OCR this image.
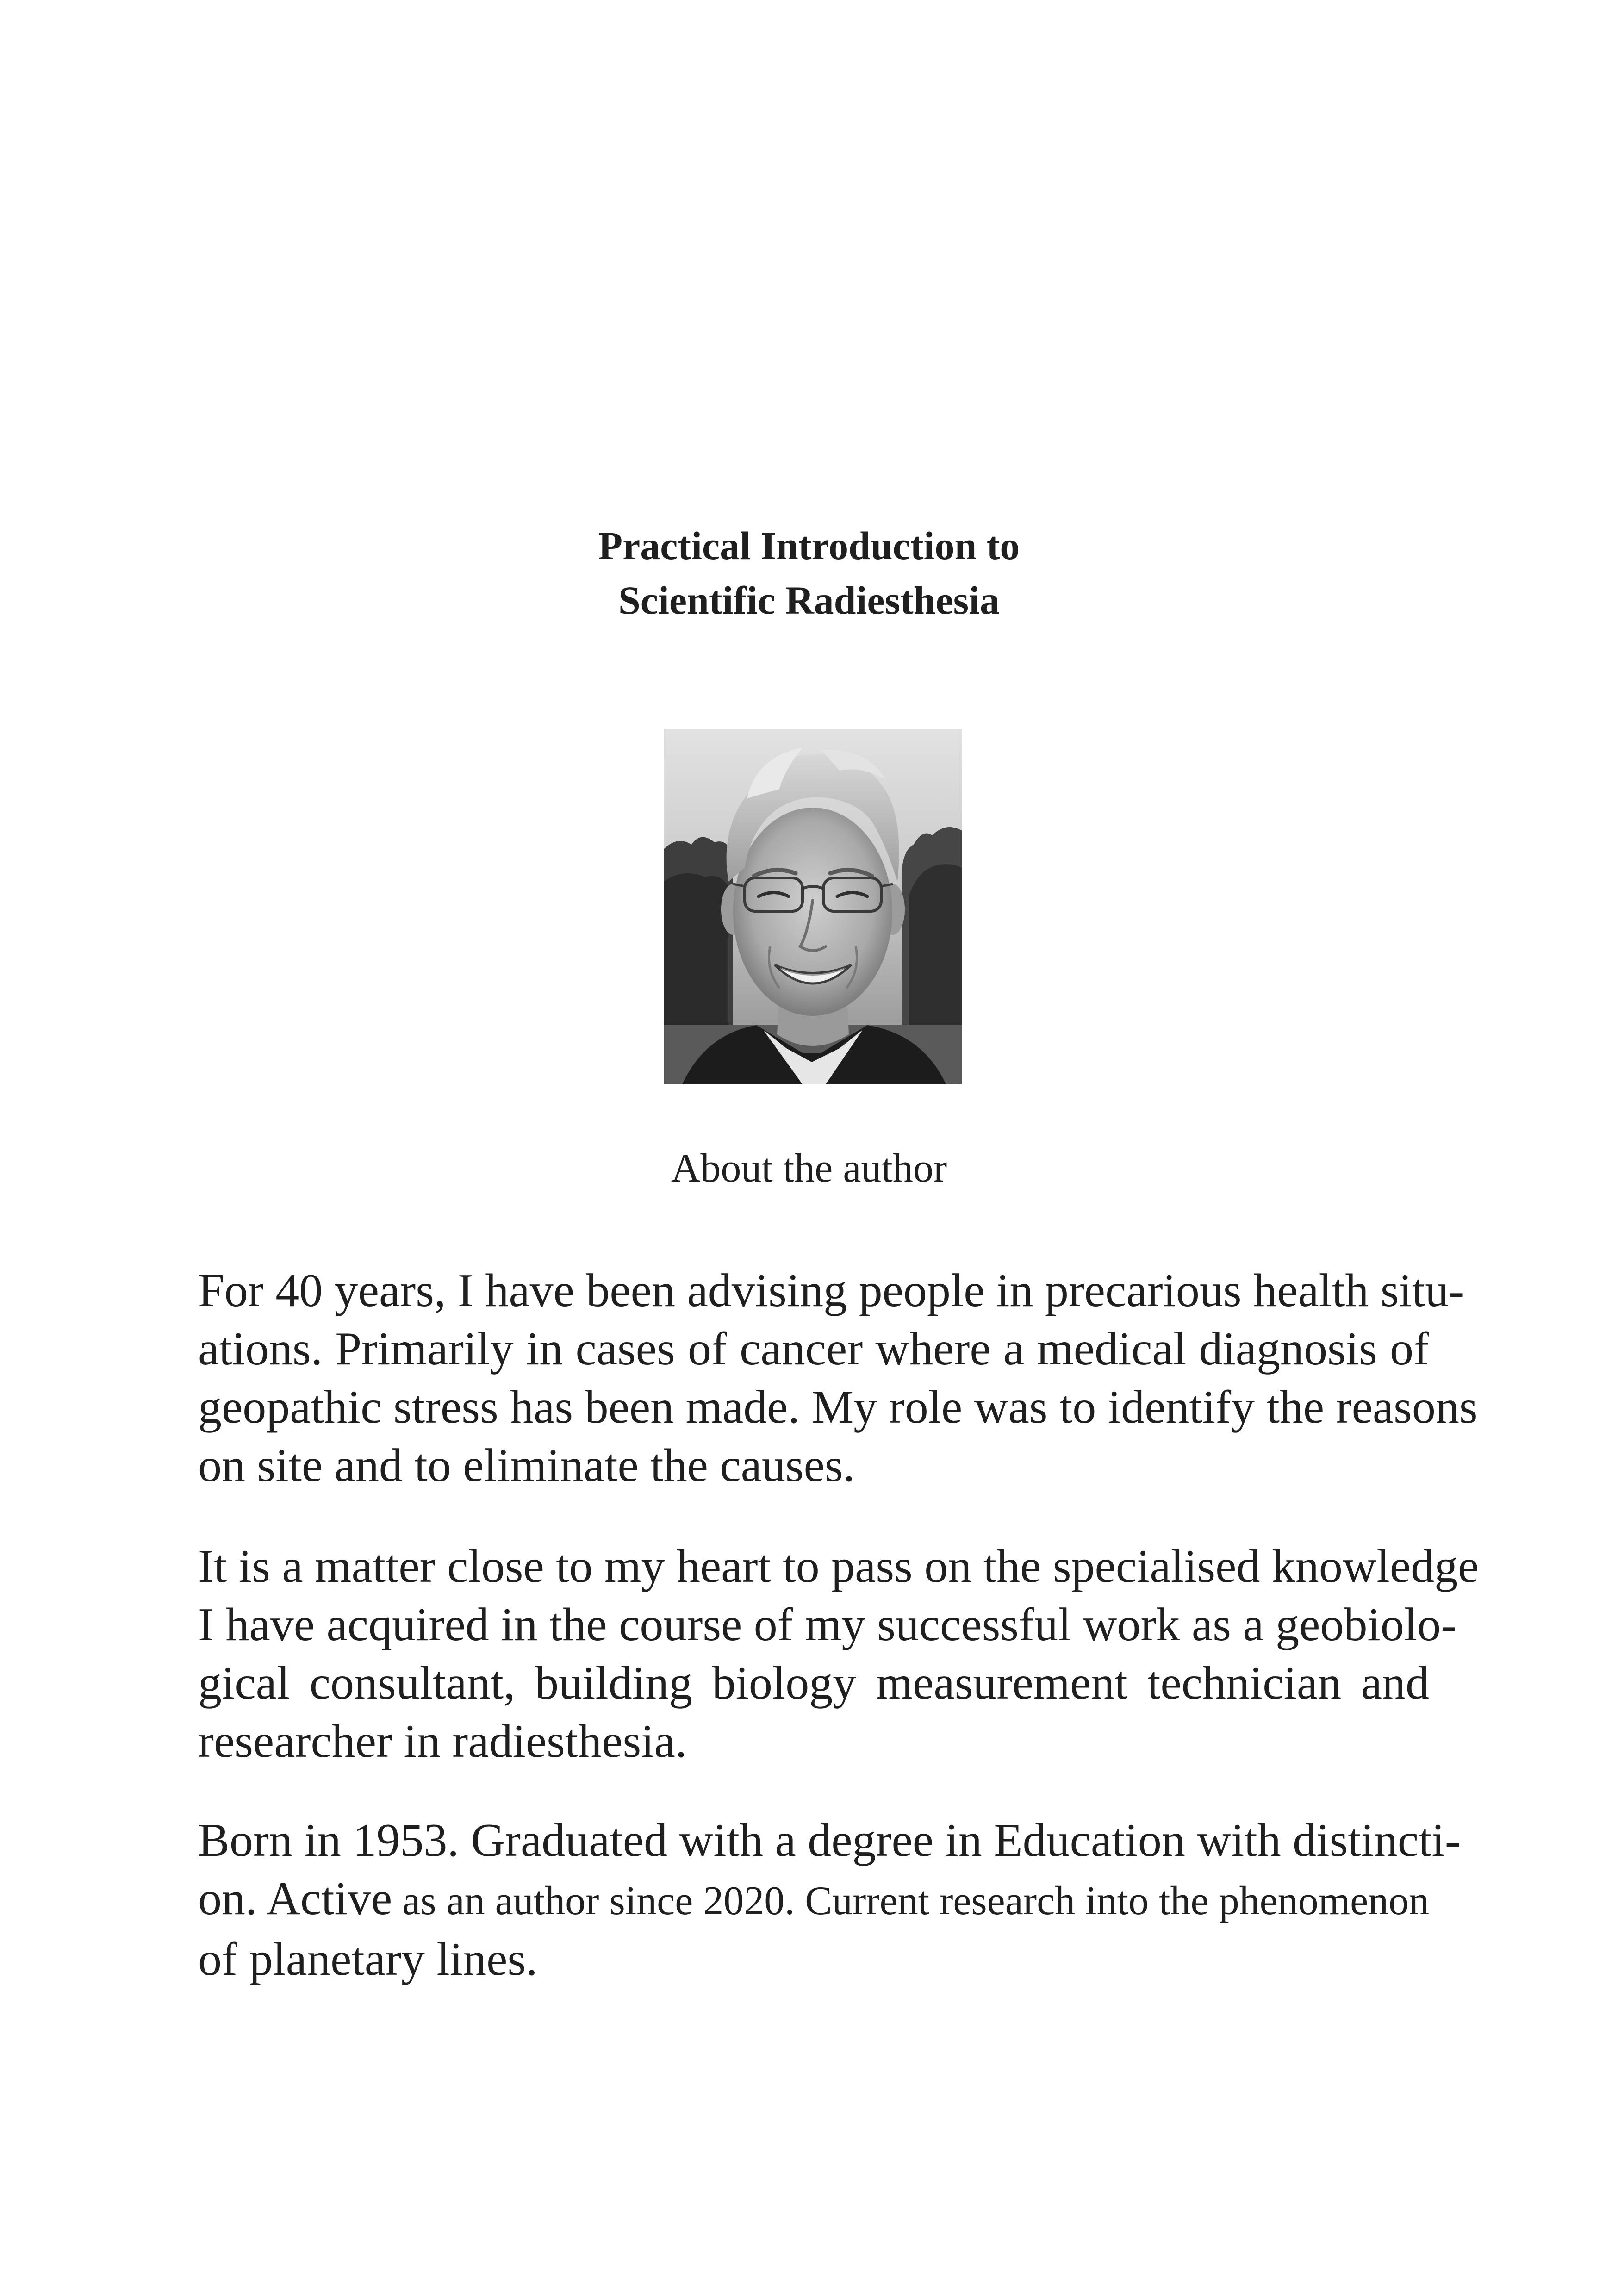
Practical Introduction to
Scientific Radiesthesia
About the author
For 40 years, I have been advising people in precarious health situ-
ations. Primarily in cases of cancer where a medical diagnosis of
geopathic stress has been made. My role was to identify the reasons
on site and to eliminate the causes.
It is a matter close to my heart to pass on the specialised knowledge
I have acquired in the course of my successful work as a geobiolo-
gical consultant, building biology measurement technician and
researcher in radiesthesia.
Born in 1953. Graduated with a degree in Education with distincti-
on. Active as an author since 2020. Current research into the phenomenon
of planetary lines.
